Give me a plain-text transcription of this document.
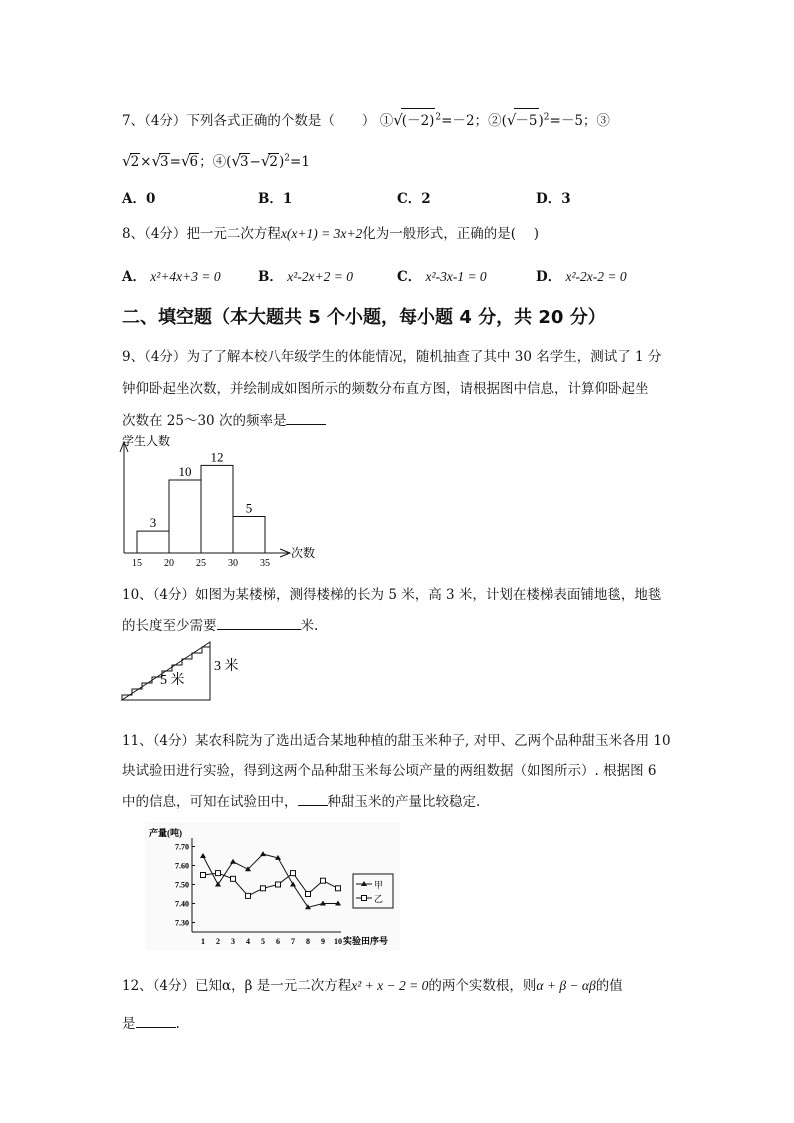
7、（4分）下列各式正确的个数是（　　） $①√(-2)^2=-2$；$②(√-5)^2=-5$；③
√2×√3=√6；$④(√3-√2)^2=1$
A．0	B．1	C．2	D．3
8、（4分）把一元二次方程x(x+1) = 3x+2化为一般形式，正确的是(　 )
A． x²+4x+3 = 0	B． x²-2x+2 = 0	C． x²-3x-1 = 0	D． x²-2x-2 = 0
二、填空题（本大题共 5 个小题，每小题 4 分，共 20 分）
9、（4分）为了了解本校八年级学生的体能情况，随机抽查了其中 30 名学生，测试了 1 分
钟仰卧起坐次数，并绘制成如图所示的频数分布直方图，请根据图中信息，计算仰卧起坐
次数在 25～30 次的频率是
学生人数
次数
3
10
12
5
15 20 25 30 35
10、（4分）如图为某楼梯，测得楼梯的长为 5 米，高 3 米，计划在楼梯表面铺地毯，地毯
的长度至少需要	米.
5 米
3 米
11、（4分）某农科院为了选出适合某地种植的甜玉米种子, 对甲、乙两个品种甜玉米各用 10
块试验田进行实验，得到这两个品种甜玉米每公顷产量的两组数据（如图所示）. 根据图 6
中的信息，可知在试验田中， 种甜玉米的产量比较稳定.
产量(吨)
实验田序号
7.70
7.60
7.50
7.40
7.30
1 2 3 4 5 6 7 8 9 10
甲
乙
12、（4分）已知α，β 是一元二次方程x² + x − 2 = 0的两个实数根，则α + β − αβ的值
是	.
